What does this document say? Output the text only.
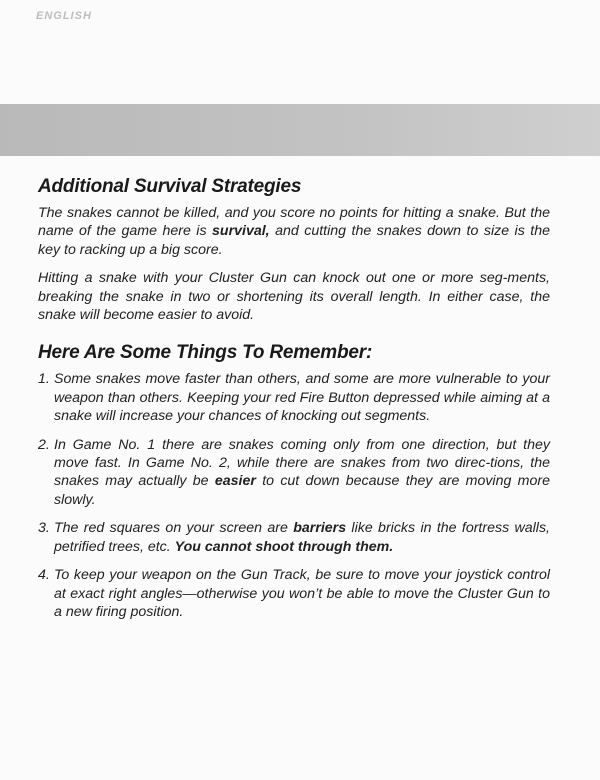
ENGLISH
Additional Survival Strategies

The snakes cannot be killed, and you score no points for hitting a snake. But the name of the game here is survival, and cutting the snakes down to size is the key to racking up a big score.

Hitting a snake with your Cluster Gun can knock out one or more seg-ments, breaking the snake in two or shortening its overall length. In either case, the snake will become easier to avoid.

Here Are Some Things To Remember:
1. Some snakes move faster than others, and some are more vulnerable to your weapon than others. Keeping your red Fire Button depressed while aiming at a snake will increase your chances of knocking out segments.
2. In Game No. 1 there are snakes coming only from one direction, but they move fast. In Game No. 2, while there are snakes from two direc-tions, the snakes may actually be easier to cut down because they are moving more slowly.
3. The red squares on your screen are barriers like bricks in the fortress walls, petrified trees, etc. You cannot shoot through them.
4. To keep your weapon on the Gun Track, be sure to move your joystick control at exact right angles—otherwise you won’t be able to move the Cluster Gun to a new firing position.
